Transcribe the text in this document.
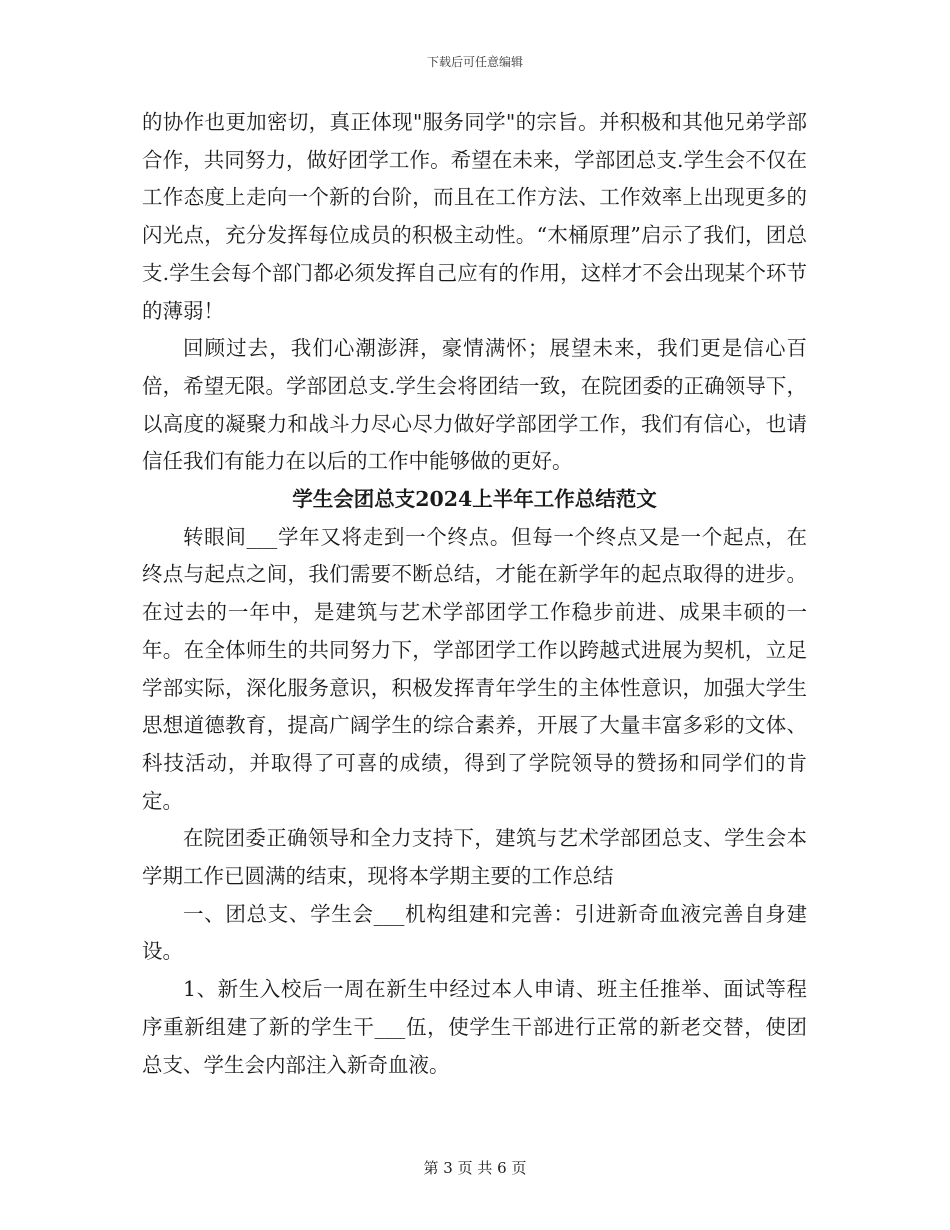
下载后可任意编辑

的协作也更加密切，真正体现"服务同学"的宗旨。并积极和其他兄弟学部合作，共同努力，做好团学工作。希望在未来，学部团总支.学生会不仅在工作态度上走向一个新的台阶，而且在工作方法、工作效率上出现更多的闪光点，充分发挥每位成员的积极主动性。“木桶原理”启示了我们，团总支.学生会每个部门都必须发挥自己应有的作用，这样才不会出现某个环节的薄弱！

回顾过去，我们心潮澎湃，豪情满怀；展望未来，我们更是信心百倍，希望无限。学部团总支.学生会将团结一致，在院团委的正确领导下，以高度的凝聚力和战斗力尽心尽力做好学部团学工作，我们有信心，也请信任我们有能力在以后的工作中能够做的更好。

学生会团总支2024上半年工作总结范文

转眼间___学年又将走到一个终点。但每一个终点又是一个起点，在终点与起点之间，我们需要不断总结，才能在新学年的起点取得的进步。在过去的一年中，是建筑与艺术学部团学工作稳步前进、成果丰硕的一年。在全体师生的共同努力下，学部团学工作以跨越式进展为契机，立足学部实际，深化服务意识，积极发挥青年学生的主体性意识，加强大学生思想道德教育，提高广阔学生的综合素养，开展了大量丰富多彩的文体、科技活动，并取得了可喜的成绩，得到了学院领导的赞扬和同学们的肯定。

在院团委正确领导和全力支持下，建筑与艺术学部团总支、学生会本学期工作已圆满的结束，现将本学期主要的工作总结

一、团总支、学生会___机构组建和完善：引进新奇血液完善自身建设。

1、新生入校后一周在新生中经过本人申请、班主任推举、面试等程序重新组建了新的学生干___伍，使学生干部进行正常的新老交替，使团总支、学生会内部注入新奇血液。

第 3 页 共 6 页
